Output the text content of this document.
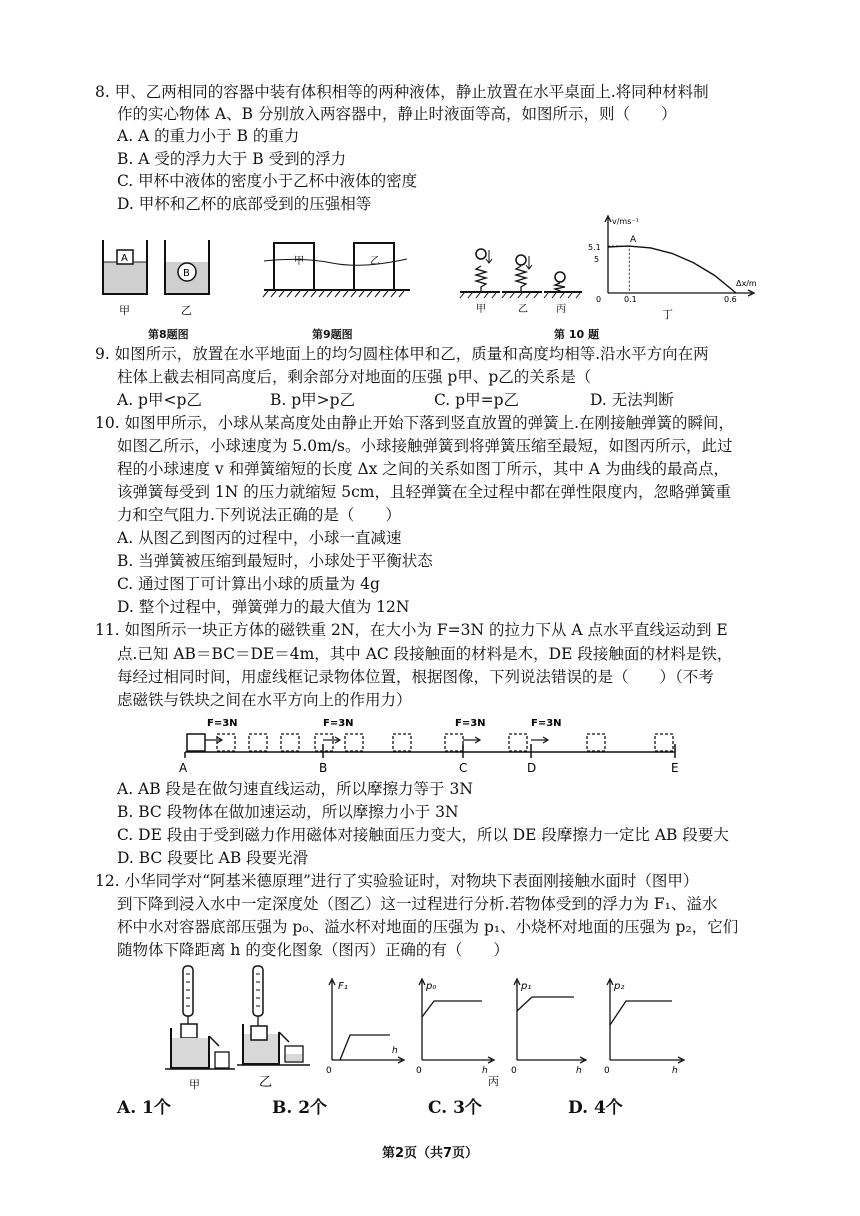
8. 甲、乙两相同的容器中装有体积相等的两种液体，静止放置在水平桌面上.将同种材料制
作的实心物体 A、B 分别放入两容器中，静止时液面等高，如图所示，则（　　）
A. A 的重力小于 B 的重力
B. A 受的浮力大于 B 受到的浮力
C. 甲杯中液体的密度小于乙杯中液体的密度
D. 甲杯和乙杯的底部受到的压强相等
A
B
甲	乙
第8题图
甲	乙
第9题图
甲	乙	丙
v/ms⁻¹
Δx/m
5.1
5
0	0.1	0.6
A
丁
第 10 题
9. 如图所示，放置在水平地面上的均匀圆柱体甲和乙，质量和高度均相等.沿水平方向在两
柱体上截去相同高度后，剩余部分对地面的压强 p甲、p乙的关系是（
A. p甲<p乙	B. p甲>p乙	C. p甲=p乙	D. 无法判断
10. 如图甲所示，小球从某高度处由静止开始下落到竖直放置的弹簧上.在刚接触弹簧的瞬间，
如图乙所示，小球速度为 5.0m/s。小球接触弹簧到将弹簧压缩至最短，如图丙所示，此过
程的小球速度 v 和弹簧缩短的长度 Δx 之间的关系如图丁所示，其中 A 为曲线的最高点，
该弹簧每受到 1N 的压力就缩短 5cm，且轻弹簧在全过程中都在弹性限度内，忽略弹簧重
力和空气阻力.下列说法正确的是（　　）
A. 从图乙到图丙的过程中，小球一直减速
B. 当弹簧被压缩到最短时，小球处于平衡状态
C. 通过图丁可计算出小球的质量为 4g
D. 整个过程中，弹簧弹力的最大值为 12N
11. 如图所示一块正方体的磁铁重 2N，在大小为 F=3N 的拉力下从 A 点水平直线运动到 E
点.已知 AB＝BC＝DE＝4m，其中 AC 段接触面的材料是木，DE 段接触面的材料是铁，
每经过相同时间，用虚线框记录物体位置，根据图像，下列说法错误的是（　　）（不考
虑磁铁与铁块之间在水平方向上的作用力）
F=3N	F=3N	F=3N	F=3N
A	B	C	D	E
A. AB 段是在做匀速直线运动，所以摩擦力等于 3N
B. BC 段物体在做加速运动，所以摩擦力小于 3N
C. DE 段由于受到磁力作用磁体对接触面压力变大，所以 DE 段摩擦力一定比 AB 段要大
D. BC 段要比 AB 段要光滑
12. 小华同学对“阿基米德原理”进行了实验验证时，对物块下表面刚接触水面时（图甲）
到下降到浸入水中一定深度处（图乙）这一过程进行分析.若物体受到的浮力为 F₁、溢水
杯中水对容器底部压强为 p₀、溢水杯对地面的压强为 p₁、小烧杯对地面的压强为 p₂，它们
随物体下降距离 h 的变化图象（图丙）正确的有（　　）
甲	乙
F₁
h
0
p₀
0	h
p₁
0	h
p₂
0	h
丙
A. 1个	B. 2个	C. 3个	D. 4个
第2页（共7页）
